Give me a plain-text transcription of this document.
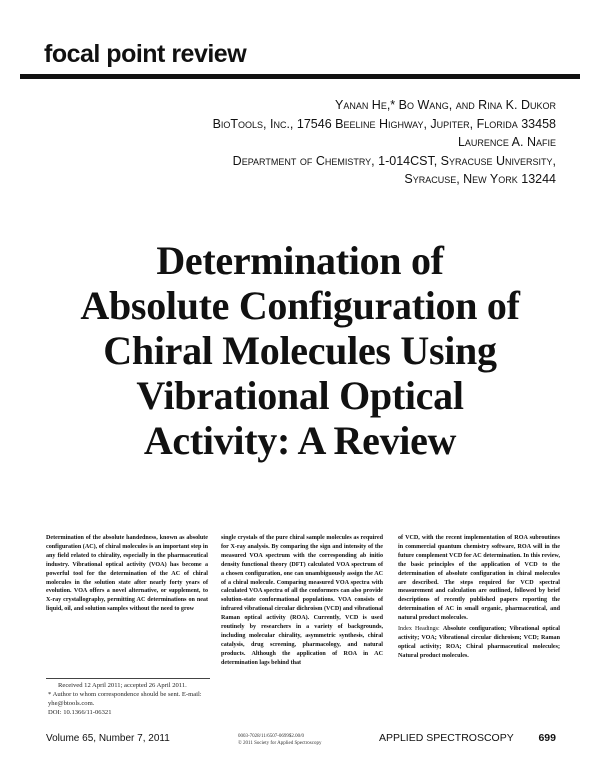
focal point review
Yanan He,* Bo Wang, and Rina K. Dukor
BioTools, Inc., 17546 Beeline Highway, Jupiter, Florida 33458
Laurence A. Nafie
Department of Chemistry, 1-014CST, Syracuse University,
Syracuse, New York 13244
Determination of
Absolute Configuration of
Chiral Molecules Using
Vibrational Optical
Activity: A Review
Determination of the absolute handedness, known as absolute configuration (AC), of chiral molecules is an important step in any field related to chirality, especially in the pharmaceutical industry. Vibrational optical activity (VOA) has become a powerful tool for the determination of the AC of chiral molecules in the solution state after nearly forty years of evolution. VOA offers a novel alternative, or supplement, to X-ray crystallography, permitting AC determinations on neat liquid, oil, and solution samples without the need to grow
Received 12 April 2011; accepted 26 April 2011.
* Author to whom correspondence should be sent. E-mail: yhe@btools.com.
DOI: 10.1366/11-06321
single crystals of the pure chiral sample molecules as required for X-ray analysis. By comparing the sign and intensity of the measured VOA spectrum with the corresponding ab initio density functional theory (DFT) calculated VOA spectrum of a chosen configuration, one can unambiguously assign the AC of a chiral molecule. Comparing measured VOA spectra with calculated VOA spectra of all the conformers can also provide solution-state conformational populations. VOA consists of infrared vibrational circular dichroism (VCD) and vibrational Raman optical activity (ROA). Currently, VCD is used routinely by researchers in a variety of backgrounds, including molecular chirality, asymmetric synthesis, chiral catalysis, drug screening, pharmacology, and natural products. Although the application of ROA in AC determination lags behind that
of VCD, with the recent implementation of ROA subroutines in commercial quantum chemistry software, ROA will in the future complement VCD for AC determination. In this review, the basic principles of the application of VCD to the determination of absolute configuration in chiral molecules are described. The steps required for VCD spectral measurement and calculation are outlined, followed by brief descriptions of recently published papers reporting the determination of AC in small organic, pharmaceutical, and natural product molecules.
Index Headings: Absolute configuration; Vibrational optical activity; VOA; Vibrational circular dichroism; VCD; Raman optical activity; ROA; Chiral pharmaceutical molecules; Natural product molecules.
Volume 65, Number 7, 2011	0003-7028/11/6507-0699$2.00/0
© 2011 Society for Applied Spectroscopy	APPLIED SPECTROSCOPY 699
